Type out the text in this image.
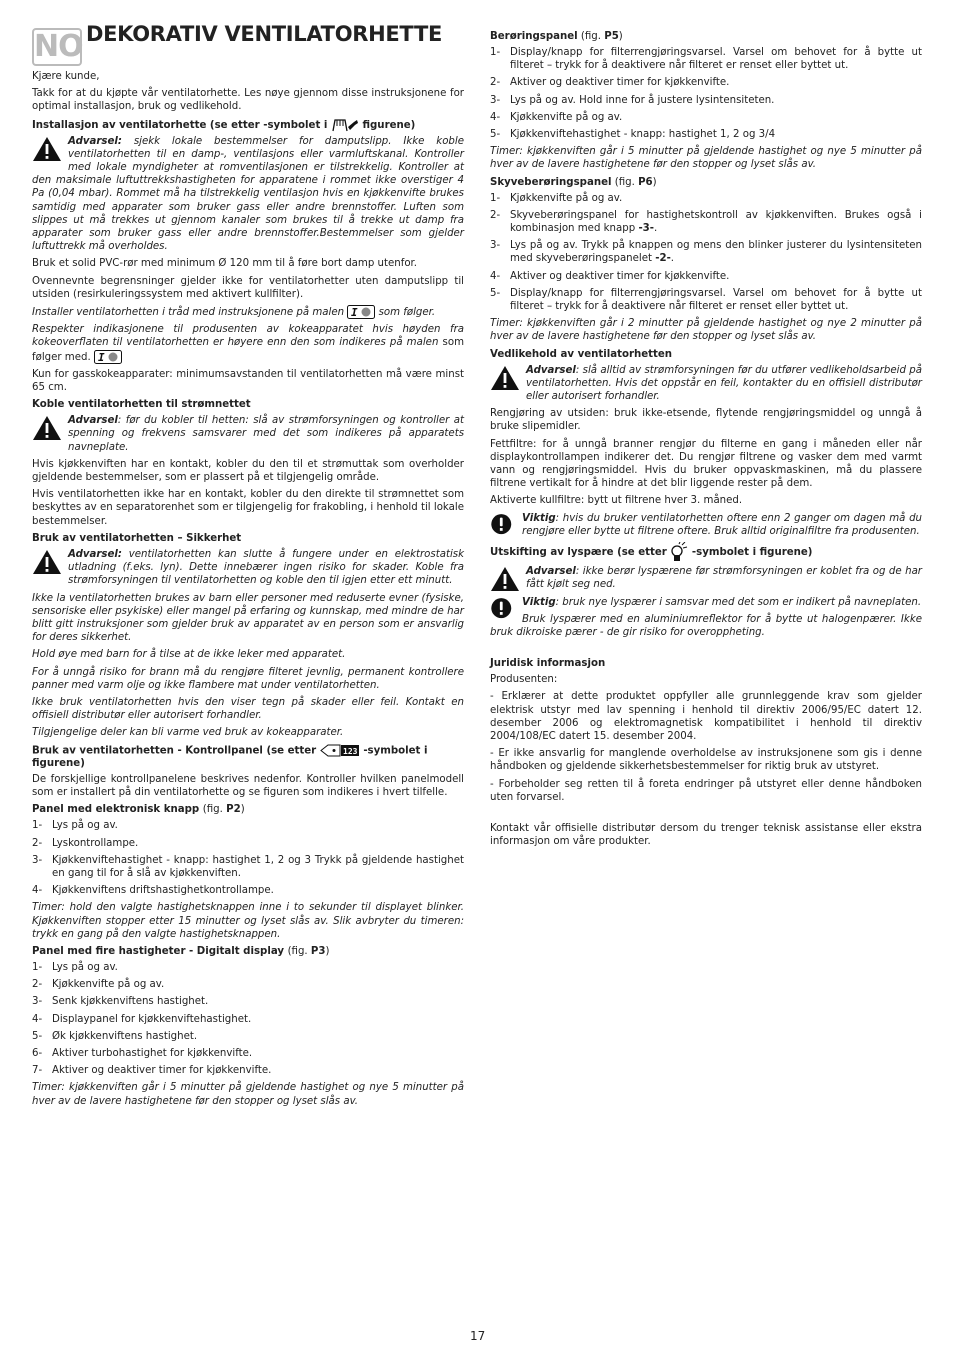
NO DEKORATIV VENTILATORHETTE

Kjære kunde,

Takk for at du kjøpte vår ventilatorhette. Les nøye gjennom disse instruksjonene for optimal installasjon, bruk og vedlikehold.

Installasjon av ventilatorhette (se etter -symbolet i	figurene)

Advarsel: sjekk lokale bestemmelser for damputslipp. Ikke koble ventilatorhetten til en damp-, ventilasjons eller varmluftskanal. Kontroller med lokale myndigheter at romventilasjonen er tilstrekkelig. Kontroller at den maksimale luftuttrekkshastigheten for apparatene i rommet ikke overstiger 4 Pa (0,04 mbar). Rommet må ha tilstrekkelig ventilasjon hvis en kjøkkenvifte brukes samtidig med apparater som bruker gass eller andre brennstoffer. Luften som slippes ut må trekkes ut gjennom kanaler som brukes til å trekke ut damp fra apparater som bruker gass eller andre brennstoffer.Bestemmelser som gjelder luftuttrekk må overholdes.

Bruk et solid PVC-rør med minimum Ø 120 mm til å føre bort damp utenfor.

Ovennevnte begrensninger gjelder ikke for ventilatorhetter uten damputslipp til utsiden (resirkuleringssystem med aktivert kullfilter).

Installer ventilatorhetten i tråd med instruksjonene på malen I som følger.

Respekter indikasjonene til produsenten av kokeapparatet hvis høyden fra kokeoverflaten til ventilatorhetten er høyere enn den som indikeres på malen som følger med. I

Kun for gasskokeapparater: minimumsavstanden til ventilatorhetten må være minst 65 cm.

Koble ventilatorhetten til strømnettet

Advarsel: før du kobler til hetten: slå av strømforsyningen og kontroller at spenning og frekvens samsvarer med det som indikeres på apparatets navneplate.

Hvis kjøkkenviften har en kontakt, kobler du den til et strømuttak som overholder gjeldende bestemmelser, som er plassert på et tilgjengelig område.

Hvis ventilatorhetten ikke har en kontakt, kobler du den direkte til strømnettet som beskyttes av en separatorenhet som er tilgjengelig for frakobling, i henhold til lokale bestemmelser.

Bruk av ventilatorhetten – Sikkerhet

Advarsel: ventilatorhetten kan slutte å fungere under en elektrostatisk utladning (f.eks. lyn). Dette innebærer ingen risiko for skader. Koble fra strømforsyningen til ventilatorhetten og koble den til igjen etter ett minutt.

Ikke la ventilatorhetten brukes av barn eller personer med reduserte evner (fysiske, sensoriske eller psykiske) eller mangel på erfaring og kunnskap, med mindre de har blitt gitt instruksjoner som gjelder bruk av apparatet av en person som er ansvarlig for deres sikkerhet.

Hold øye med barn for å tilse at de ikke leker med apparatet.

For å unngå risiko for brann må du rengjøre filteret jevnlig, permanent kontrollere panner med varm olje og ikke flambere mat under ventilatorhetten.

Ikke bruk ventilatorhetten hvis den viser tegn på skader eller feil. Kontakt en offisiell distributør eller autorisert forhandler.

Tilgjengelige deler kan bli varme ved bruk av kokeapparater.

Bruk av ventilatorhetten - Kontrollpanel (se etter	123 -symbolet i figurene)

De forskjellige kontrollpanelene beskrives nedenfor. Kontroller hvilken panelmodell som er installert på din ventilatorhette og se figuren som indikeres i hvert tilfelle.

Panel med elektronisk knapp (fig. P2)
1- Lys på og av.
2- Lyskontrollampe.
3- Kjøkkenviftehastighet - knapp: hastighet 1, 2 og 3 Trykk på gjeldende hastighet en gang til for å slå av kjøkkenviften.
4- Kjøkkenviftens driftshastighetkontrollampe.

Timer: hold den valgte hastighetsknappen inne i to sekunder til displayet blinker. Kjøkkenviften stopper etter 15 minutter og lyset slås av. Slik avbryter du timeren: trykk en gang på den valgte hastighetsknappen.

Panel med fire hastigheter - Digitalt display (fig. P3)
1- Lys på og av.
2- Kjøkkenvifte på og av.
3- Senk kjøkkenviftens hastighet.
4- Displaypanel for kjøkkenviftehastighet.
5- Øk kjøkkenviftens hastighet.
6- Aktiver turbohastighet for kjøkkenvifte.
7- Aktiver og deaktiver timer for kjøkkenvifte.

Timer: kjøkkenviften går i 5 minutter på gjeldende hastighet og nye 5 minutter på hver av de lavere hastighetene før den stopper og lyset slås av.

Berøringspanel (fig. P5)
1- Display/knapp for filterrengjøringsvarsel. Varsel om behovet for å bytte ut filteret – trykk for å deaktivere når filteret er renset eller byttet ut.
2- Aktiver og deaktiver timer for kjøkkenvifte.
3- Lys på og av. Hold inne for å justere lysintensiteten.
4- Kjøkkenvifte på og av.
5- Kjøkkenviftehastighet - knapp: hastighet 1, 2 og 3/4

Timer: kjøkkenviften går i 5 minutter på gjeldende hastighet og nye 5 minutter på hver av de lavere hastighetene før den stopper og lyset slås av.

Skyveberøringspanel (fig. P6)
1- Kjøkkenvifte på og av.
2- Skyveberøringspanel for hastighetskontroll av kjøkkenviften. Brukes også i kombinasjon med knapp -3-.
3- Lys på og av. Trykk på knappen og mens den blinker justerer du lysintensiteten med skyveberøringspanelet -2-.
4- Aktiver og deaktiver timer for kjøkkenvifte.
5- Display/knapp for filterrengjøringsvarsel. Varsel om behovet for å bytte ut filteret – trykk for å deaktivere når filteret er renset eller byttet ut.

Timer: kjøkkenviften går i 2 minutter på gjeldende hastighet og nye 2 minutter på hver av de lavere hastighetene før den stopper og lyset slås av.

Vedlikehold av ventilatorhetten

Advarsel: slå alltid av strømforsyningen før du utfører vedlikeholdsarbeid på ventilatorhetten. Hvis det oppstår en feil, kontakter du en offisiell distributør eller autorisert forhandler.

Rengjøring av utsiden: bruk ikke-etsende, flytende rengjøringsmiddel og unngå å bruke slipemidler.

Fettfiltre: for å unngå branner rengjør du filterne en gang i måneden eller når displaykontrollampen indikerer det. Du rengjør filtrene og vasker dem med varmt vann og rengjøringsmiddel. Hvis du bruker oppvaskmaskinen, må du plassere filtrene vertikalt for å hindre at det blir liggende rester på dem.

Aktiverte kullfiltre: bytt ut filtrene hver 3. måned.

Viktig: hvis du bruker ventilatorhetten oftere enn 2 ganger om dagen må du rengjøre eller bytte ut filtrene oftere. Bruk alltid originalfiltre fra produsenten.

Utskifting av lyspære (se etter -symbolet i figurene)

Advarsel: ikke berør lyspærene før strømforsyningen er koblet fra og de har fått kjølt seg ned.

Viktig: bruk nye lyspærer i samsvar med det som er indikert på navneplaten.

Bruk lyspærer med en aluminiumreflektor for å bytte ut halogenpærer. Ikke bruk dikroiske pærer - de gir risiko for overoppheting.

Juridisk informasjon

Produsenten:

- Erklærer at dette produktet oppfyller alle grunnleggende krav som gjelder elektrisk utstyr med lav spenning i henhold til direktiv 2006/95/EC datert 12. desember 2006 og elektromagnetisk kompatibilitet i henhold til direktiv 2004/108/EC datert 15. desember 2004.

- Er ikke ansvarlig for manglende overholdelse av instruksjonene som gis i denne håndboken og gjeldende sikkerhetsbestemmelser for riktig bruk av utstyret.

- Forbeholder seg retten til å foreta endringer på utstyret eller denne håndboken uten forvarsel.

Kontakt vår offisielle distributør dersom du trenger teknisk assistanse eller ekstra informasjon om våre produkter.

17
